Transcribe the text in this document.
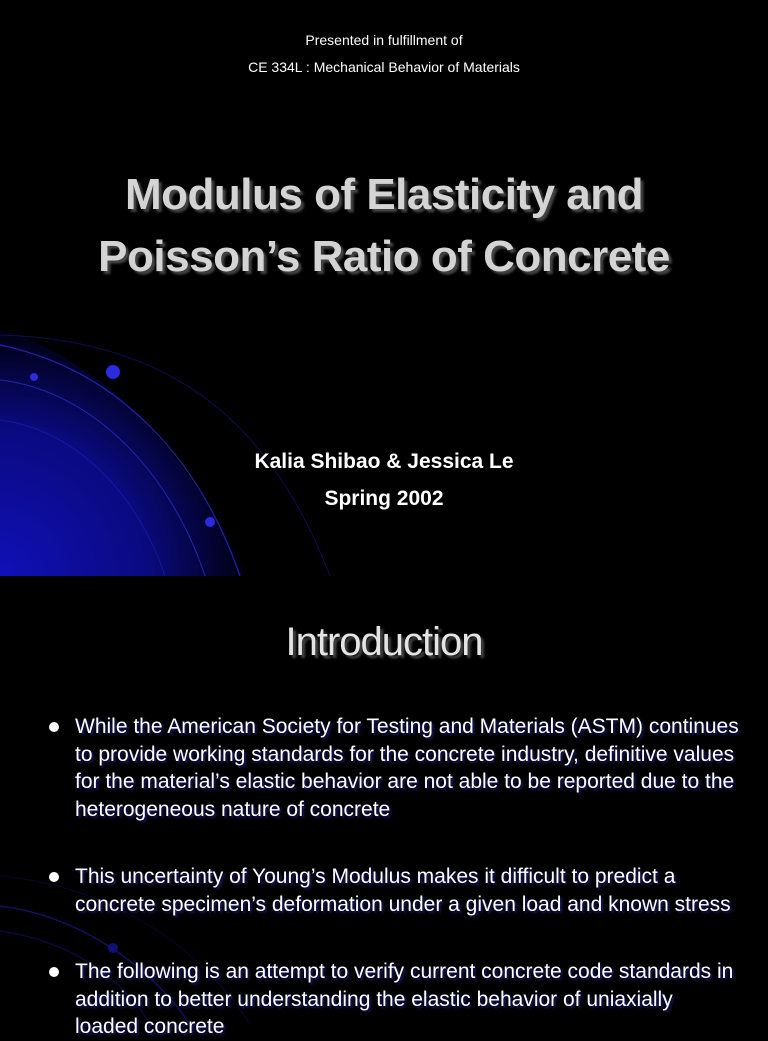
Presented in fulfillment of
CE 334L : Mechanical Behavior of Materials
Modulus of Elasticity and
Poisson’s Ratio of Concrete
Kalia Shibao & Jessica Le
Spring 2002
Introduction
While the American Society for Testing and Materials (ASTM) continues to provide working standards for the concrete industry, definitive values for the material’s elastic behavior are not able to be reported due to the heterogeneous nature of concrete
This uncertainty of Young’s Modulus makes it difficult to predict a concrete specimen’s deformation under a given load and known stress
The following is an attempt to verify current concrete code standards in addition to better understanding the elastic behavior of uniaxially loaded concrete
